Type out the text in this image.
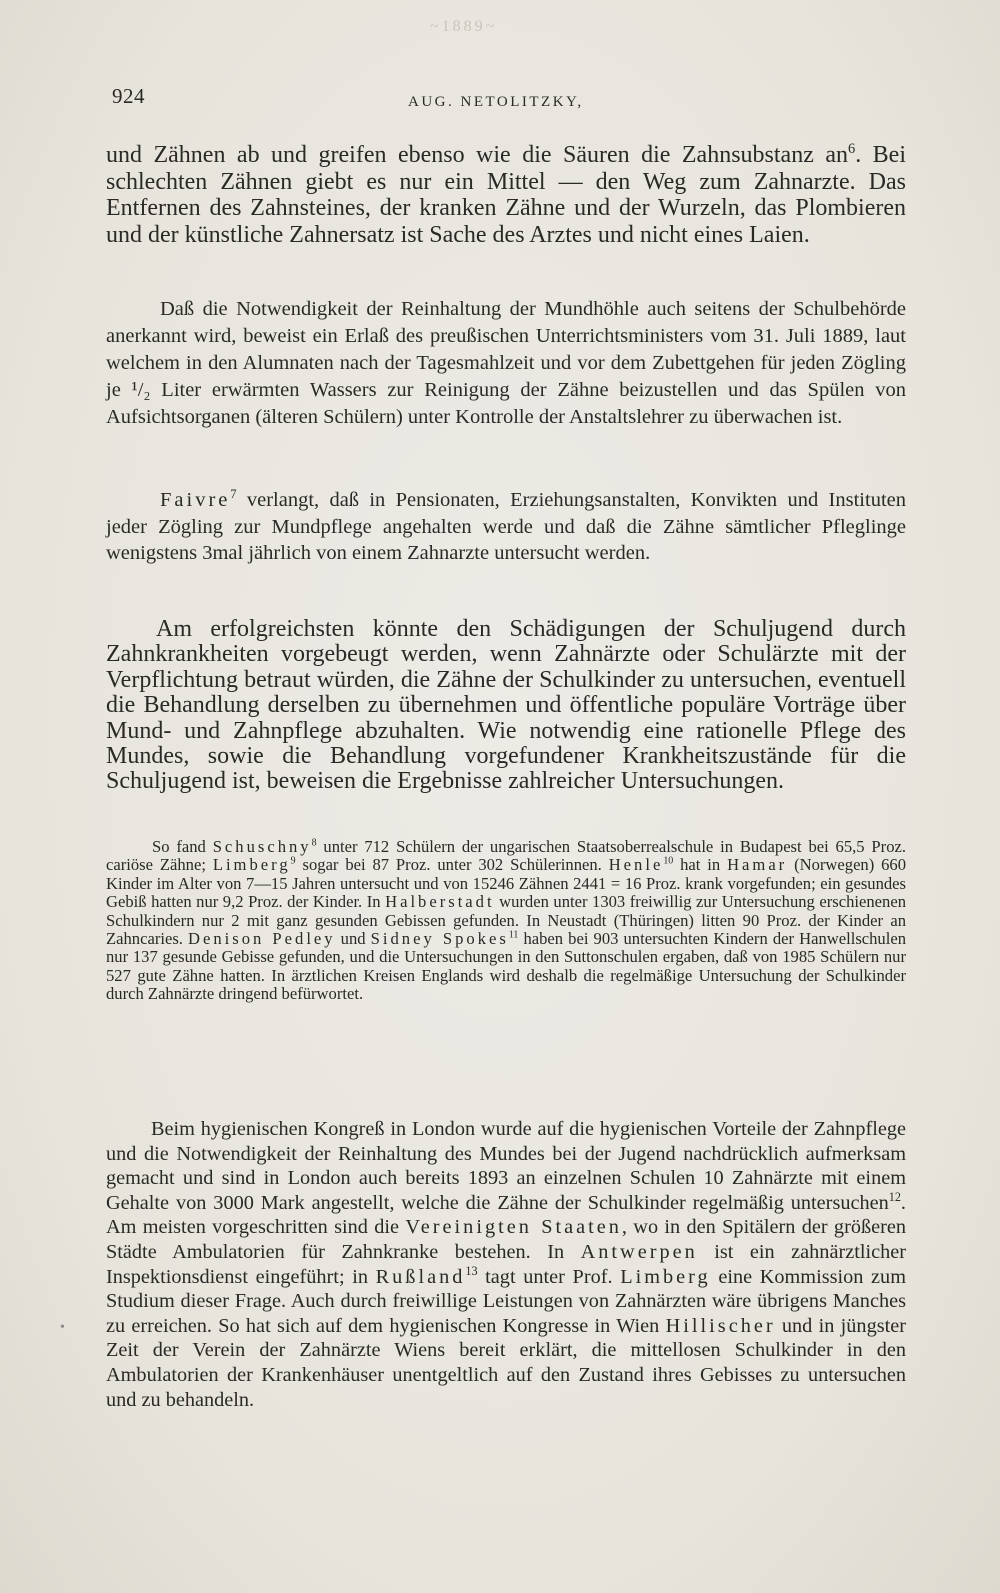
~1889~
924	AUG. NETOLITZKY,

und Zähnen ab und greifen ebenso wie die Säuren die Zahnsubstanz $an^6$. Bei schlechten Zähnen giebt es nur ein Mittel — den Weg zum Zahnarzte. Das Entfernen des Zahnsteines, der kranken Zähne und der Wurzeln, das Plombieren und der künstliche Zahnersatz ist Sache des Arztes und nicht eines Laien.

Daß die Notwendigkeit der Reinhaltung der Mundhöhle auch seitens der Schulbehörde anerkannt wird, beweist ein Erlaß des preußischen Unterrichtsministers vom 31. Juli 1889, laut welchem in den Alumnaten nach der Tagesmahlzeit und vor dem Zubettgehen für jeden Zögling je ¹/₂ Liter erwärmten Wassers zur Reinigung der Zähne beizustellen und das Spülen von Aufsichtsorganen (älteren Schülern) unter Kontrolle der Anstaltslehrer zu überwachen ist.

Faivre$^7$ verlangt, daß in Pensionaten, Erziehungsanstalten, Konvikten und Instituten jeder Zögling zur Mundpflege angehalten werde und daß die Zähne sämtlicher Pfleglinge wenigstens 3mal jährlich von einem Zahnarzte untersucht werden.

Am erfolgreichsten könnte den Schädigungen der Schuljugend durch Zahnkrankheiten vorgebeugt werden, wenn Zahnärzte oder Schulärzte mit der Verpflichtung betraut würden, die Zähne der Schulkinder zu untersuchen, eventuell die Behandlung derselben zu übernehmen und öffentliche populäre Vorträge über Mund- und Zahnpflege abzuhalten. Wie notwendig eine rationelle Pflege des Mundes, sowie die Behandlung vorgefundener Krankheitszustände für die Schuljugend ist, beweisen die Ergebnisse zahlreicher Untersuchungen.

So fand Schuschny$^8$ unter 712 Schülern der ungarischen Staatsoberrealschule in Budapest bei 65,5 Proz. cariöse Zähne; Limberg$^9$ sogar bei 87 Proz. unter 302 Schülerinnen. Henle$^{10}$ hat in Hamar (Norwegen) 660 Kinder im Alter von 7—15 Jahren untersucht und von 15246 Zähnen 2441 = 16 Proz. krank vorgefunden; ein gesundes Gebiß hatten nur 9,2 Proz. der Kinder. In Halberstadt wurden unter 1303 freiwillig zur Untersuchung erschienenen Schulkindern nur 2 mit ganz gesunden Gebissen gefunden. In Neustadt (Thüringen) litten 90 Proz. der Kinder an Zahncaries. Denison Pedley und Sidney Spokes$^{11}$ haben bei 903 untersuchten Kindern der Hanwellschulen nur 137 gesunde Gebisse gefunden, und die Untersuchungen in den Suttonschulen ergaben, daß von 1985 Schülern nur 527 gute Zähne hatten. In ärztlichen Kreisen Englands wird deshalb die regelmäßige Untersuchung der Schulkinder durch Zahnärzte dringend befürwortet.

Beim hygienischen Kongreß in London wurde auf die hygienischen Vorteile der Zahnpflege und die Notwendigkeit der Reinhaltung des Mundes bei der Jugend nachdrücklich aufmerksam gemacht und sind in London auch bereits 1893 an einzelnen Schulen 10 Zahnärzte mit einem Gehalte von 3000 Mark angestellt, welche die Zähne der Schulkinder regelmäßig untersuchen$^{12}$. Am meisten vorgeschritten sind die Vereinigten Staaten, wo in den Spitälern der größeren Städte Ambulatorien für Zahnkranke bestehen. In Antwerpen ist ein zahnärztlicher Inspektionsdienst eingeführt; in Rußland$^{13}$ tagt unter Prof. Limberg eine Kommission zum Studium dieser Frage. Auch durch freiwillige Leistungen von Zahnärzten wäre übrigens Manches zu erreichen. So hat sich auf dem hygienischen Kongresse in Wien Hillischer und in jüngster Zeit der Verein der Zahnärzte Wiens bereit erklärt, die mittellosen Schulkinder in den Ambulatorien der Krankenhäuser unentgeltlich auf den Zustand ihres Gebisses zu untersuchen und zu behandeln.

•
